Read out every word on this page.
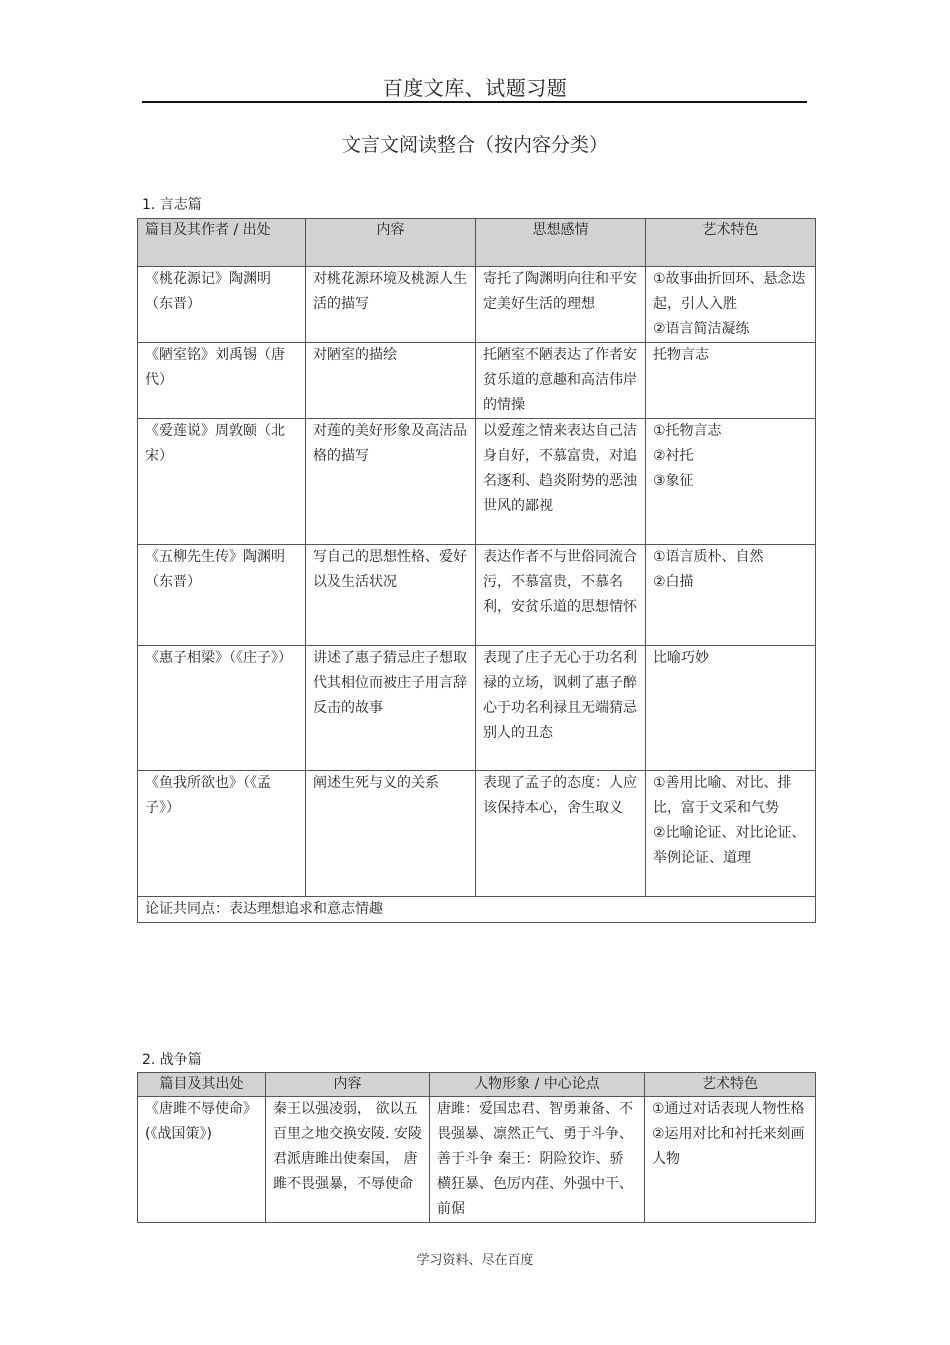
百度文库、试题习题
文言文阅读整合（按内容分类）
1. 言志篇
篇目及其作者 / 出处	内容	思想感情	艺术特色
《桃花源记》陶渊明（东晋）	对桃花源环境及桃源人生活的描写	寄托了陶渊明向往和平安定美好生活的理想	①故事曲折回环、悬念迭起，引人入胜
②语言简洁凝练

《陋室铭》刘禹锡（唐代）	对陋室的描绘	托陋室不陋表达了作者安贫乐道的意趣和高洁伟岸的情操	托物言志

《爱莲说》周敦颐（北宋）	对莲的美好形象及高洁品格的描写	以爱莲之情来表达自己洁身自好，不慕富贵，对追名逐利、趋炎附势的恶浊世风的鄙视	①托物言志
②衬托
③象征

《五柳先生传》陶渊明（东晋）	写自己的思想性格、爱好以及生活状况	表达作者不与世俗同流合污，不慕富贵，不慕名利，安贫乐道的思想情怀	①语言质朴、自然
②白描

《惠子相梁》（《庄子》）	讲述了惠子猜忌庄子想取代其相位而被庄子用言辞反击的故事	表现了庄子无心于功名利禄的立场，讽刺了惠子醉心于功名利禄且无端猜忌别人的丑态	比喻巧妙

《鱼我所欲也》（《孟子》）	阐述生死与义的关系	表现了孟子的态度：人应该保持本心，舍生取义	①善用比喻、对比、排比，富于文采和气势
②比喻论证、对比论证、举例论证、道理

论证共同点：表达理想追求和意志情趣			
2. 战争篇
篇目及其出处	内容	人物形象 / 中心论点	艺术特色
《唐雎不辱使命》(《战国策》)	秦王以强凌弱， 欲以五百里之地交换安陵. 安陵君派唐雎出使秦国， 唐雎不畏强暴，不辱使命	唐雎：爱国忠君、智勇兼备、不畏强暴、凛然正气、勇于斗争、善于斗争 秦王：阴险狡诈、骄横狂暴、色厉内荏、外强中干、前倨	①通过对话表现人物性格
②运用对比和衬托来刻画人物
学习资料、尽在百度
